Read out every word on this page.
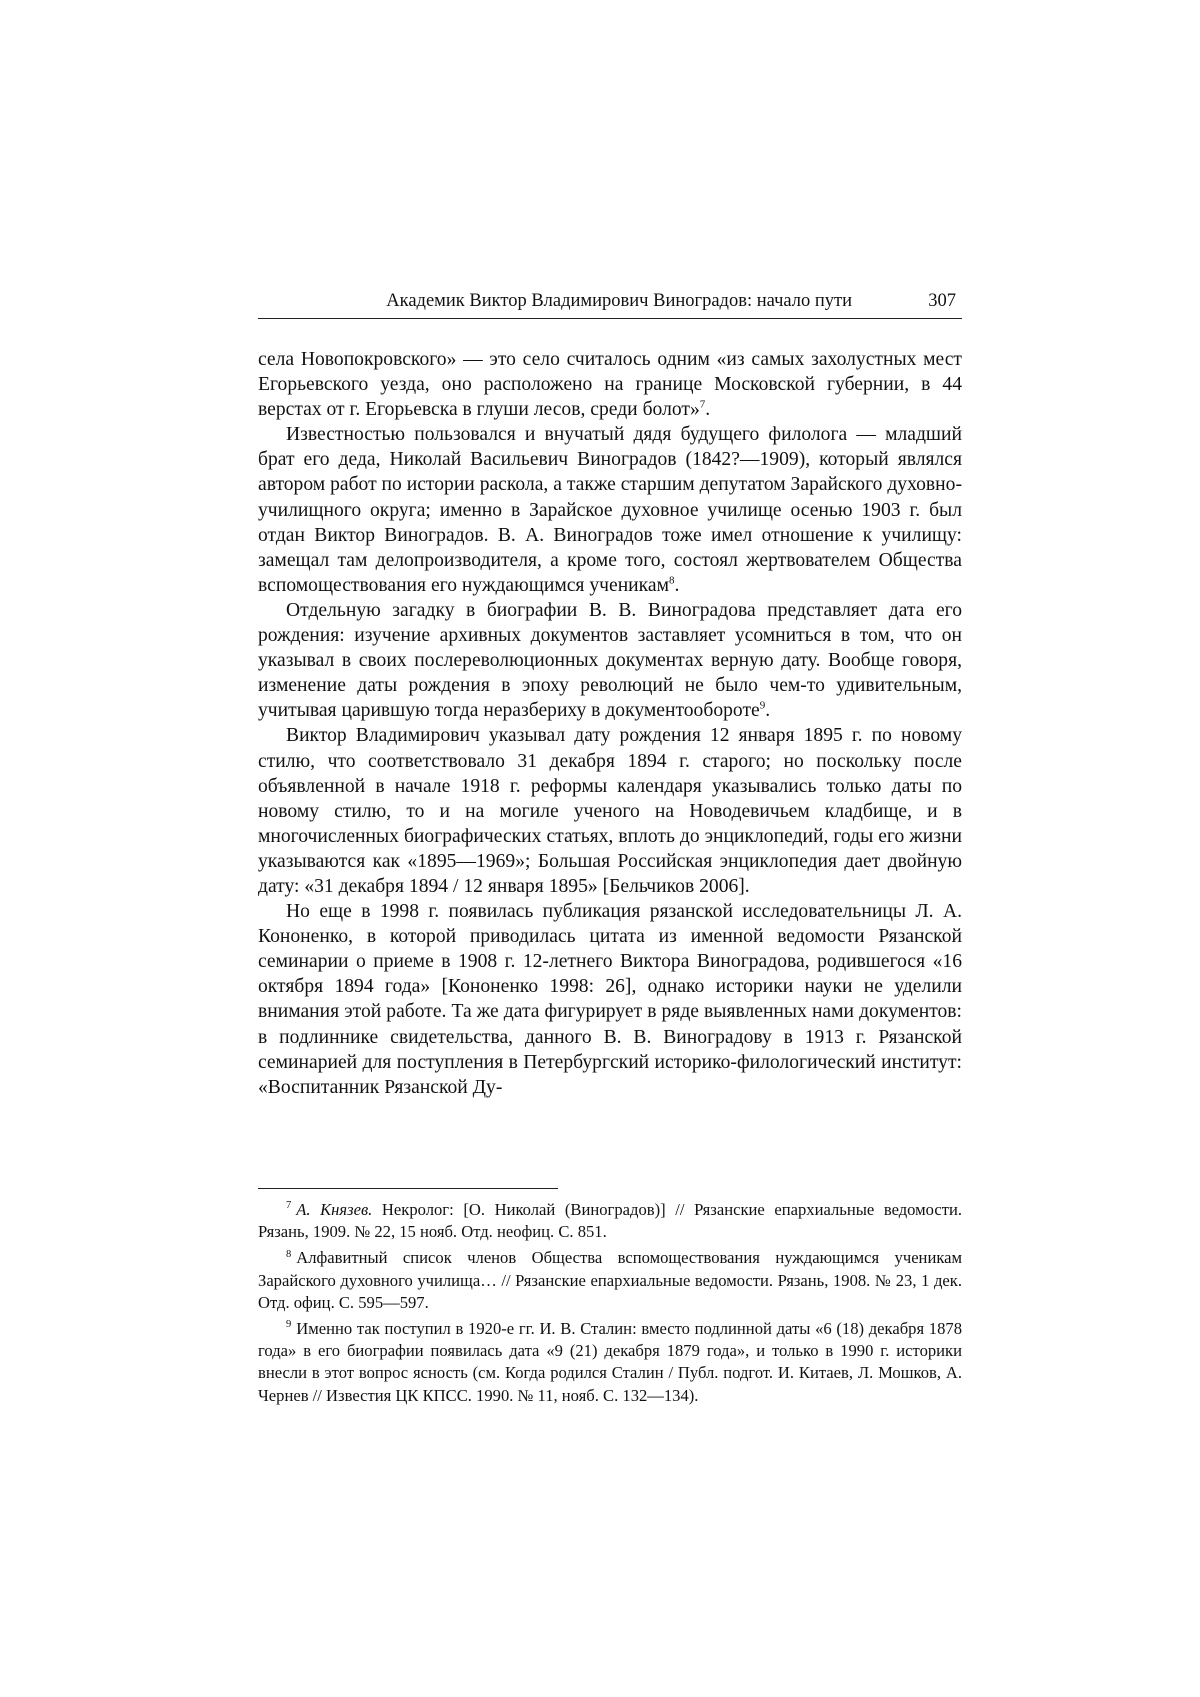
Академик Виктор Владимирович Виноградов: начало пути	307

села Новопокровского» — это село считалось одним «из самых захолустных мест Егорьевского уезда, оно расположено на границе Московской губернии, в 44 верстах от г. Егорьевска в глуши лесов, среди болот»$^7$.

Известностью пользовался и внучатый дядя будущего филолога — младший брат его деда, Николай Васильевич Виноградов (1842?—1909), который являлся автором работ по истории раскола, а также старшим депутатом Зарайского духовно-училищного округа; именно в Зарайское духовное училище осенью 1903 г. был отдан Виктор Виноградов. В. А. Виноградов тоже имел отношение к училищу: замещал там делопроизводителя, а кроме того, состоял жертвователем Общества вспомоществования его нуждающимся ученикам$^8$.

Отдельную загадку в биографии В. В. Виноградова представляет дата его рождения: изучение архивных документов заставляет усомниться в том, что он указывал в своих послереволюционных документах верную дату. Вообще говоря, изменение даты рождения в эпоху революций не было чем-то удивительным, учитывая царившую тогда неразбериху в документообороте$^9$.

Виктор Владимирович указывал дату рождения 12 января 1895 г. по новому стилю, что соответствовало 31 декабря 1894 г. старого; но поскольку после объявленной в начале 1918 г. реформы календаря указывались только даты по новому стилю, то и на могиле ученого на Новодевичьем кладбище, и в многочисленных биографических статьях, вплоть до энциклопедий, годы его жизни указываются как «1895—1969»; Большая Российская энциклопедия дает двойную дату: «31 декабря 1894 / 12 января 1895» [Бельчиков 2006].

Но еще в 1998 г. появилась публикация рязанской исследовательницы Л. А. Кононенко, в которой приводилась цитата из именной ведомости Рязанской семинарии о приеме в 1908 г. 12-летнего Виктора Виноградова, родившегося «16 октября 1894 года» [Кононенко 1998: 26], однако историки науки не уделили внимания этой работе. Та же дата фигурирует в ряде выявленных нами документов: в подлиннике свидетельства, данного В. В. Виноградову в 1913 г. Рязанской семинарией для поступления в Петербургский историко-филологический институт: «Воспитанник Рязанской Ду-

$^7$ А. Князев. Некролог: [О. Николай (Виноградов)] // Рязанские епархиальные ведомости. Рязань, 1909. № 22, 15 нояб. Отд. неофиц. С. 851.

$^8$ Алфавитный список членов Общества вспомоществования нуждающимся ученикам Зарайского духовного училища… // Рязанские епархиальные ведомости. Рязань, 1908. № 23, 1 дек. Отд. офиц. С. 595—597.

$^9$ Именно так поступил в 1920-е гг. И. В. Сталин: вместо подлинной даты «6 (18) декабря 1878 года» в его биографии появилась дата «9 (21) декабря 1879 года», и только в 1990 г. историки внесли в этот вопрос ясность (см. Когда родился Сталин / Публ. подгот. И. Китаев, Л. Мошков, А. Чернев // Известия ЦК КПСС. 1990. № 11, нояб. С. 132—134).
